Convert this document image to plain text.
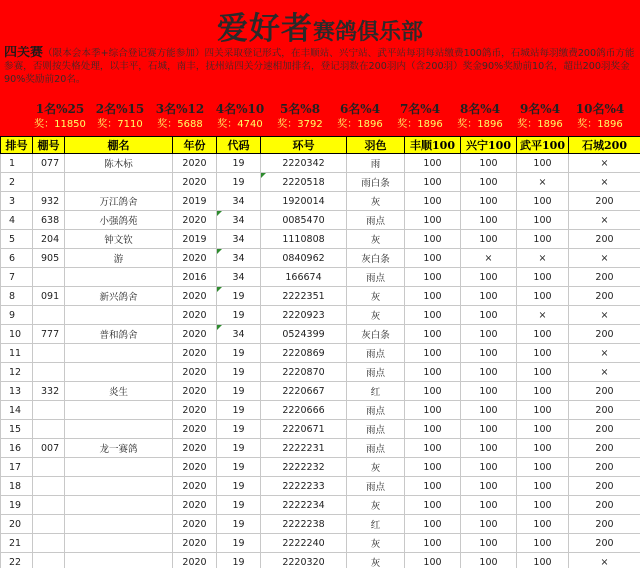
爱好者赛鸽俱乐部
四关赛（限本会本季+综合登记赛方能参加）四关采取登记形式，在丰顺站、兴宁站、武平站每羽每站缴费100鸽币，石城站每羽缴费200鸽币方能参赛，否则按失格处理，以丰平，石城，南丰，抚州站四关分速相加排名，登记羽数在200羽内（含200羽）奖金90%奖励前10名，超出200羽奖金90%奖励前20名。
1名%25
奖：11850
2名%15
奖：7110
3名%12
奖：5688
4名%10
奖：4740
5名%8
奖：3792
6名%4
奖：1896
7名%4
奖：1896
8名%4
奖：1896
9名%4
奖：1896
10名%4
奖：1896
排号	棚号	棚名	年份	代码	环号	羽色	丰顺100	兴宁100	武平100	石城200
1	077	陈木标	2020	19	2220342	雨	100	100	100	×
2			2020	19	2220518	雨白条	100	100	×	×
3	932	万江鸽舍	2019	34	1920014	灰	100	100	100	200
4	638	小强鸽苑	2020	34	0085470	雨点	100	100	100	×
5	204	钟文钦	2019	34	1110808	灰	100	100	100	200
6	905	游	2020	34	0840962	灰白条	100	×	×	×
7			2016	34	166674	雨点	100	100	100	200
8	091	新兴鸽舍	2020	19	2222351	灰	100	100	100	200
9			2020	19	2220923	灰	100	100	×	×
10	777	普和鸽舍	2020	34	0524399	灰白条	100	100	100	200
11			2020	19	2220869	雨点	100	100	100	×
12			2020	19	2220870	雨点	100	100	100	×
13	332	炎生	2020	19	2220667	红	100	100	100	200
14			2020	19	2220666	雨点	100	100	100	200
15			2020	19	2220671	雨点	100	100	100	200
16	007	龙一赛鸽	2020	19	2222231	雨点	100	100	100	200
17			2020	19	2222232	灰	100	100	100	200
18			2020	19	2222233	雨点	100	100	100	200
19			2020	19	2222234	灰	100	100	100	200
20			2020	19	2222238	红	100	100	100	200
21			2020	19	2222240	灰	100	100	100	200
22			2020	19	2220320	灰	100	100	100	×
